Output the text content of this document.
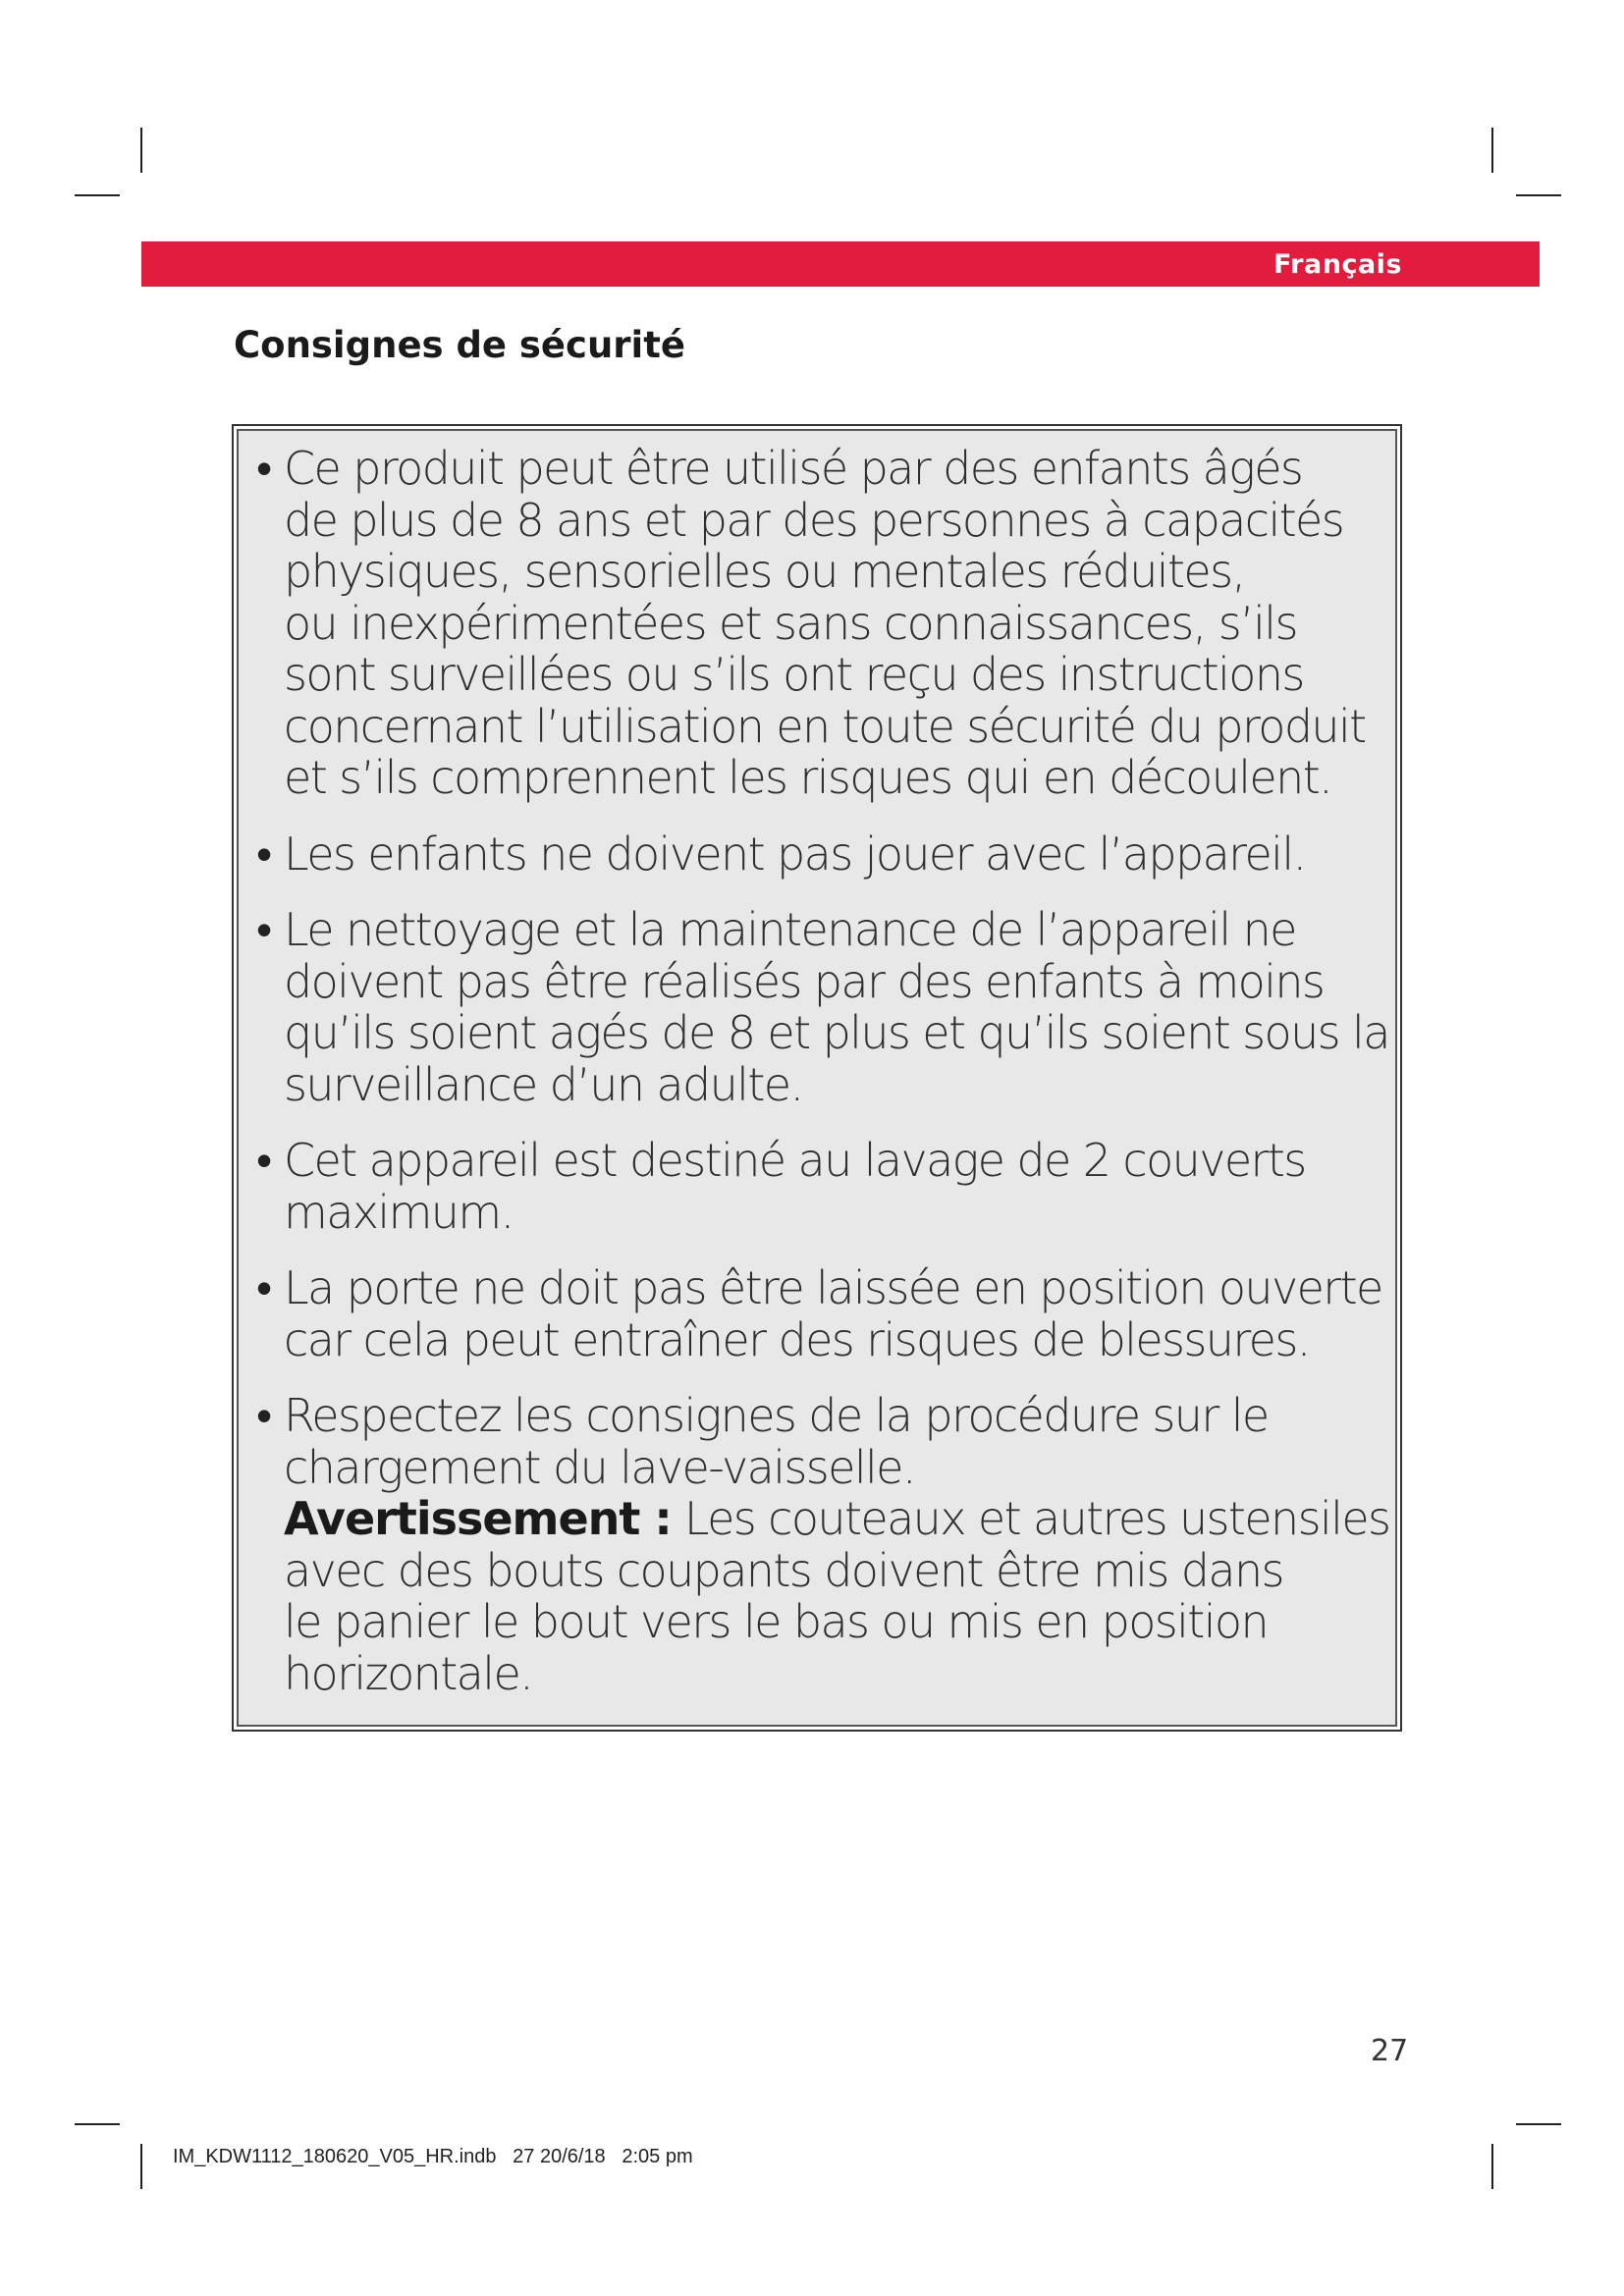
Français
Consignes de sécurité
• Ce produit peut être utilisé par des enfants âgés
de plus de 8 ans et par des personnes à capacités
physiques, sensorielles ou mentales réduites,
ou inexpérimentées et sans connaissances, s’ils
sont surveillées ou s’ils ont reçu des instructions
concernant l’utilisation en toute sécurité du produit
et s’ils comprennent les risques qui en découlent.
• Les enfants ne doivent pas jouer avec l’appareil.
• Le nettoyage et la maintenance de l’appareil ne
doivent pas être réalisés par des enfants à moins
qu’ils soient agés de 8 et plus et qu’ils soient sous la
surveillance d’un adulte.
• Cet appareil est destiné au lavage de 2 couverts
maximum.
• La porte ne doit pas être laissée en position ouverte
car cela peut entraîner des risques de blessures.
• Respectez les consignes de la procédure sur le
chargement du lave-vaisselle.
Avertissement : Les couteaux et autres ustensiles
avec des bouts coupants doivent être mis dans
le panier le bout vers le bas ou mis en position
horizontale.
27
IM_KDW1112_180620_V05_HR.indb   27 20/6/18   2:05 pm
